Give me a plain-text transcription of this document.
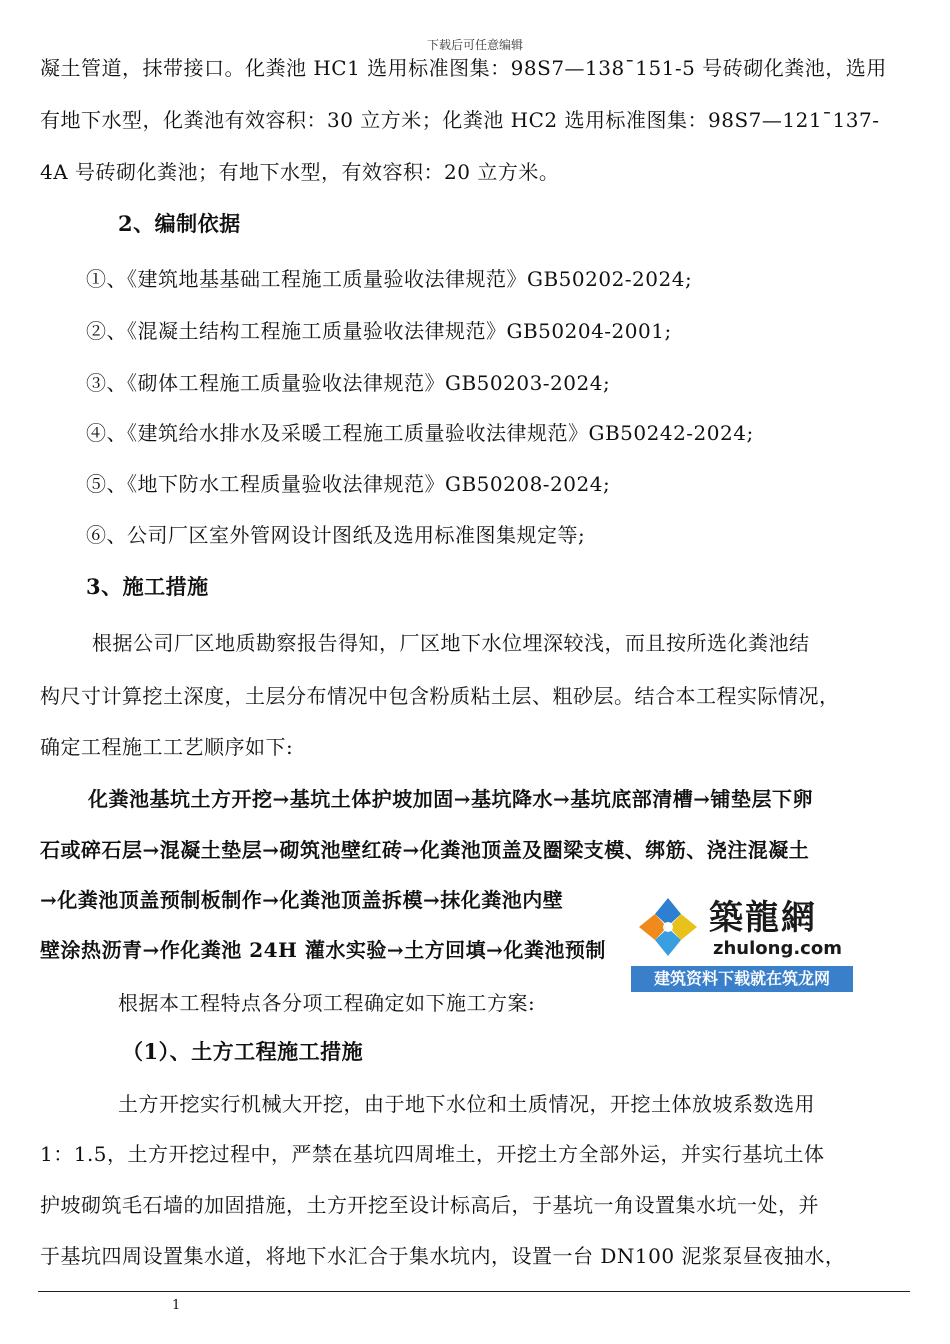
下载后可任意编辑
凝土管道，抹带接口。化粪池 HC1 选用标准图集：98S7—138¯151-5 号砖砌化粪池，选用
有地下水型，化粪池有效容积：30 立方米；化粪池 HC2 选用标准图集：98S7—121¯137-
4A 号砖砌化粪池；有地下水型，有效容积：20 立方米。
2、编制依据
①、《建筑地基基础工程施工质量验收法律规范》GB50202-2024;
②、《混凝土结构工程施工质量验收法律规范》GB50204-2001;
③、《砌体工程施工质量验收法律规范》GB50203-2024;
④、《建筑给水排水及采暖工程施工质量验收法律规范》GB50242-2024;
⑤、《地下防水工程质量验收法律规范》GB50208-2024;
⑥、公司厂区室外管网设计图纸及选用标准图集规定等;
3、施工措施
根据公司厂区地质勘察报告得知，厂区地下水位埋深较浅，而且按所选化粪池结
构尺寸计算挖土深度，土层分布情况中包含粉质粘土层、粗砂层。结合本工程实际情况，
确定工程施工工艺顺序如下:
化粪池基坑土方开挖→基坑土体护坡加固→基坑降水→基坑底部清槽→铺垫层下卵
石或碎石层→混凝土垫层→砌筑池壁红砖→化粪池顶盖及圈梁支模、绑筋、浇注混凝土
→化粪池顶盖预制板制作→化粪池顶盖拆模→抹化粪池内壁
壁涂热沥青→作化粪池 24H 灌水实验→土方回填→化粪池预制
根据本工程特点各分项工程确定如下施工方案:
（1）、土方工程施工措施
土方开挖实行机械大开挖，由于地下水位和土质情况，开挖土体放坡系数选用
1：1.5，土方开挖过程中，严禁在基坑四周堆土，开挖土方全部外运，并实行基坑土体
护坡砌筑毛石墙的加固措施，土方开挖至设计标高后，于基坑一角设置集水坑一处，并
于基坑四周设置集水道，将地下水汇合于集水坑内，设置一台 DN100 泥浆泵昼夜抽水，
築龍網
zhulong.com
建筑资料下载就在筑龙网
1
